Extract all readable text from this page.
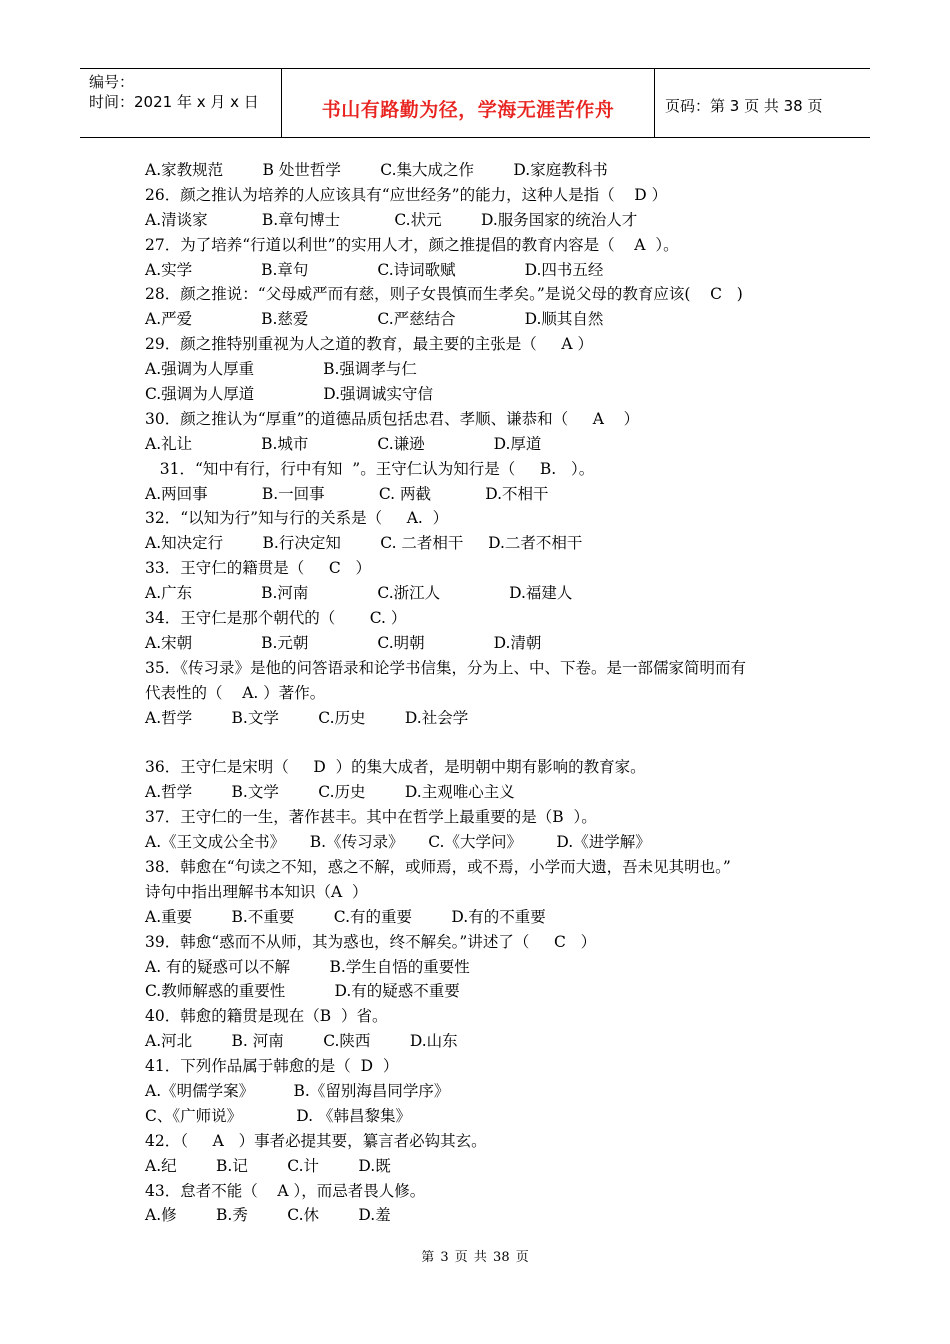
编号：
时间：2021 年 x 月 x 日	书山有路勤为径，学海无涯苦作舟	页码：第 3 页 共 38 页
A.家教规范        B 处世哲学        C.集大成之作        D.家庭教科书
26．颜之推认为培养的人应该具有“应世经务”的能力，这种人是指（    D ）
A.清谈家           B.章句博士           C.状元        D.服务国家的统治人才
27．为了培养“行道以利世”的实用人才，颜之推提倡的教育内容是（    A  ）。
A.实学              B.章句              C.诗词歌赋              D.四书五经
28．颜之推说：“父母威严而有慈，则子女畏慎而生孝矣。”是说父母的教育应该(    C   )
A.严爱              B.慈爱              C.严慈结合              D.顺其自然
29．颜之推特别重视为人之道的教育，最主要的主张是（     A ）
A.强调为人厚重              B.强调孝与仁
C.强调为人厚道              D.强调诚实守信
30．颜之推认为“厚重”的道德品质包括忠君、孝顺、谦恭和（     A    ）
A.礼让              B.城市              C.谦逊              D.厚道
31．“知中有行，行中有知  ”。王守仁认为知行是（     B.   ）。
A.两回事           B.一回事           C. 两截           D.不相干
32．“以知为行”知与行的关系是（     A.  ）
A.知决定行        B.行决定知        C. 二者相干     D.二者不相干
33．王守仁的籍贯是（     C   ）
A.广东              B.河南              C.浙江人              D.福建人
34．王守仁是那个朝代的（       C. ）
A.宋朝              B.元朝              C.明朝              D.清朝
35．《传习录》是他的问答语录和论学书信集，分为上、中、下卷。是一部儒家简明而有
代表性的（    A. ）著作。
A.哲学        B.文学        C.历史        D.社会学
36．王守仁是宋明（     D  ）的集大成者，是明朝中期有影响的教育家。
A.哲学        B.文学        C.历史        D.主观唯心主义
37．王守仁的一生，著作甚丰。其中在哲学上最重要的是（B  ）。
A.《王文成公全书》     B.《传习录》     C.《大学问》       D.《进学解》
38．韩愈在“句读之不知，惑之不解，或师焉，或不焉，小学而大遗，吾未见其明也。”
诗句中指出理解书本知识（A  ）
A.重要        B.不重要        C.有的重要        D.有的不重要
39．韩愈“惑而不从师，其为惑也，终不解矣。”讲述了（     C   ）
A. 有的疑惑可以不解        B.学生自悟的重要性
C.教师解惑的重要性          D.有的疑惑不重要
40．韩愈的籍贯是现在（B  ）省。
A.河北        B. 河南        C.陕西        D.山东
41．下列作品属于韩愈的是（  D  ）
A.《明儒学案》        B.《留别海昌同学序》
C、《广师说》           D. 《韩昌黎集》
42．（     A   ）事者必提其要，纂言者必钩其玄。
A.纪        B.记        C.计        D.既
43．怠者不能（    A ），而忌者畏人修。
A.修        B.秀        C.休        D.羞
第 3 页 共 38 页
